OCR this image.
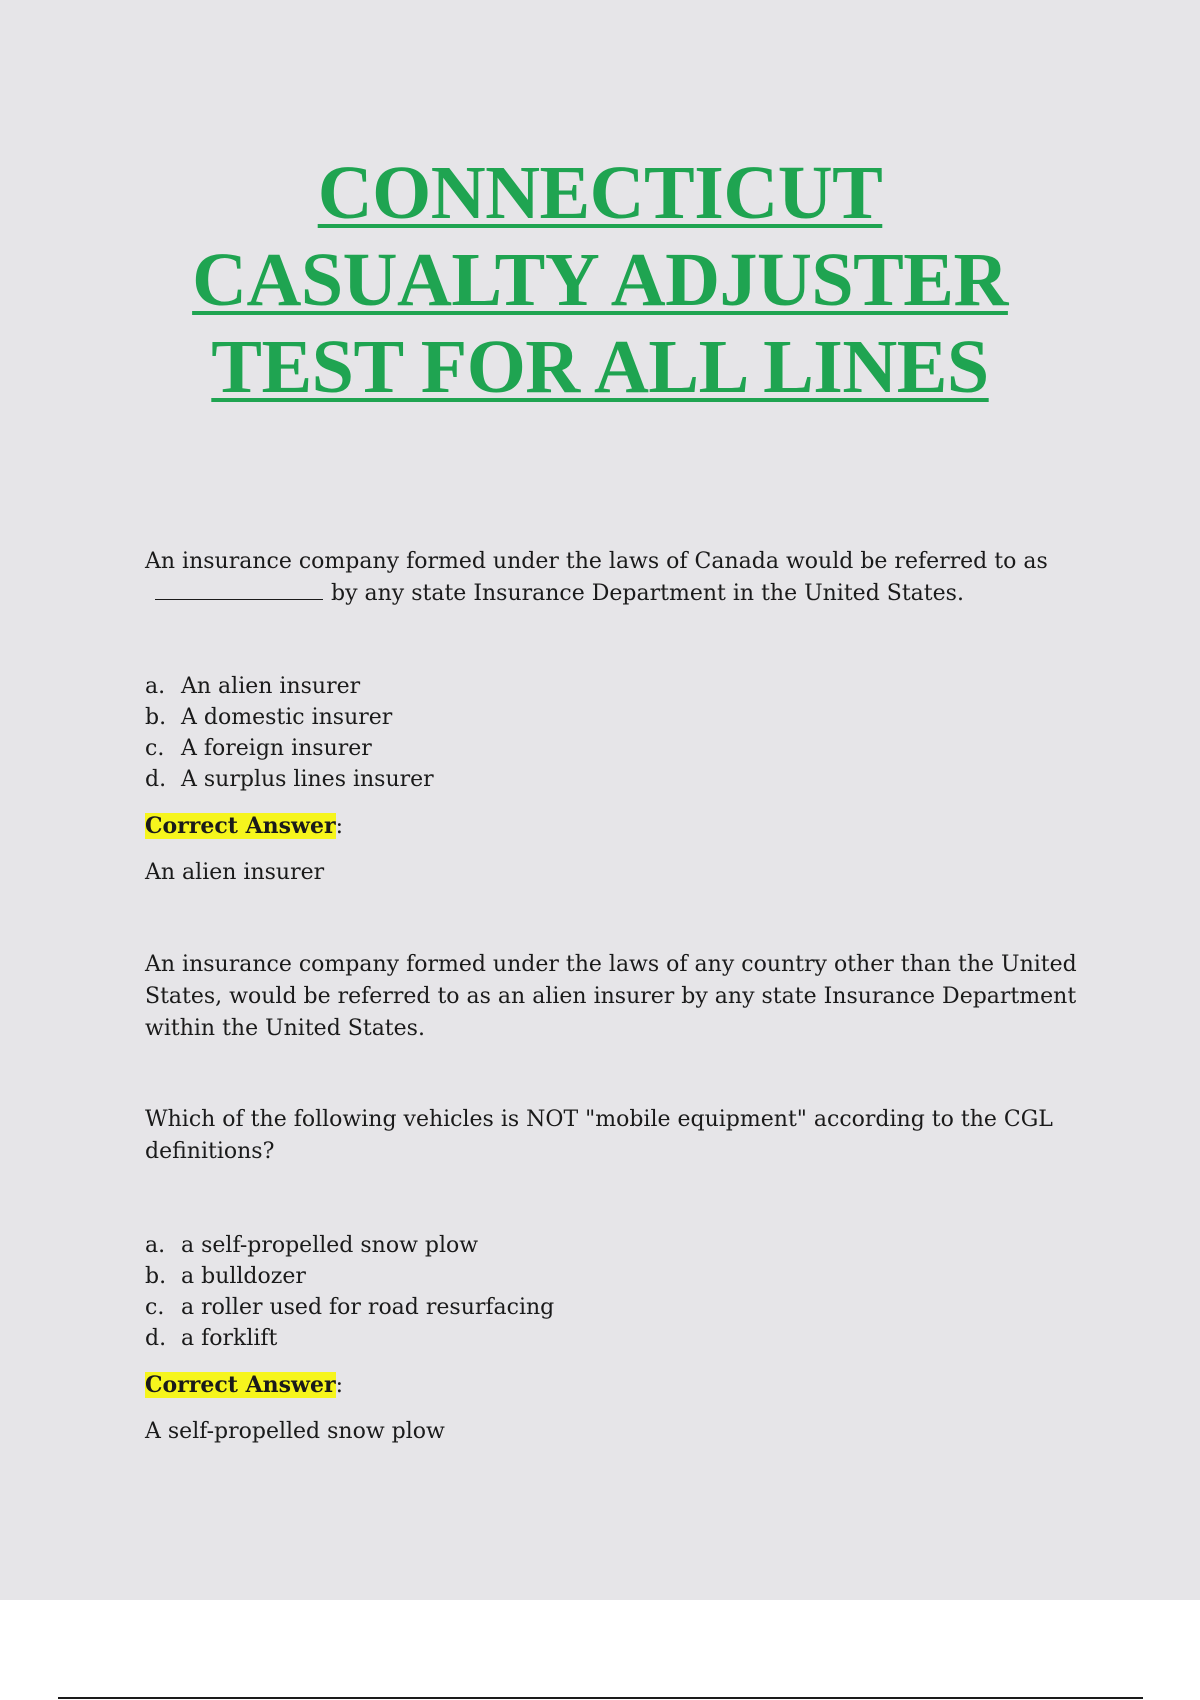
CONNECTICUT
CASUALTY ADJUSTER
TEST FOR ALL LINES

An insurance company formed under the laws of Canada would be referred to asby any state Insurance Department in the United States.

a. An alien insurer
b. A domestic insurer
c. A foreign insurer
d. A surplus lines insurer

Correct Answer:

An alien insurer

An insurance company formed under the laws of any country other than the United States, would be referred to as an alien insurer by any state Insurance Department within the United States.

Which of the following vehicles is NOT "mobile equipment" according to the CGL definitions?

a. a self-propelled snow plow
b. a bulldozer
c. a roller used for road resurfacing
d. a forklift

Correct Answer:

A self-propelled snow plow
